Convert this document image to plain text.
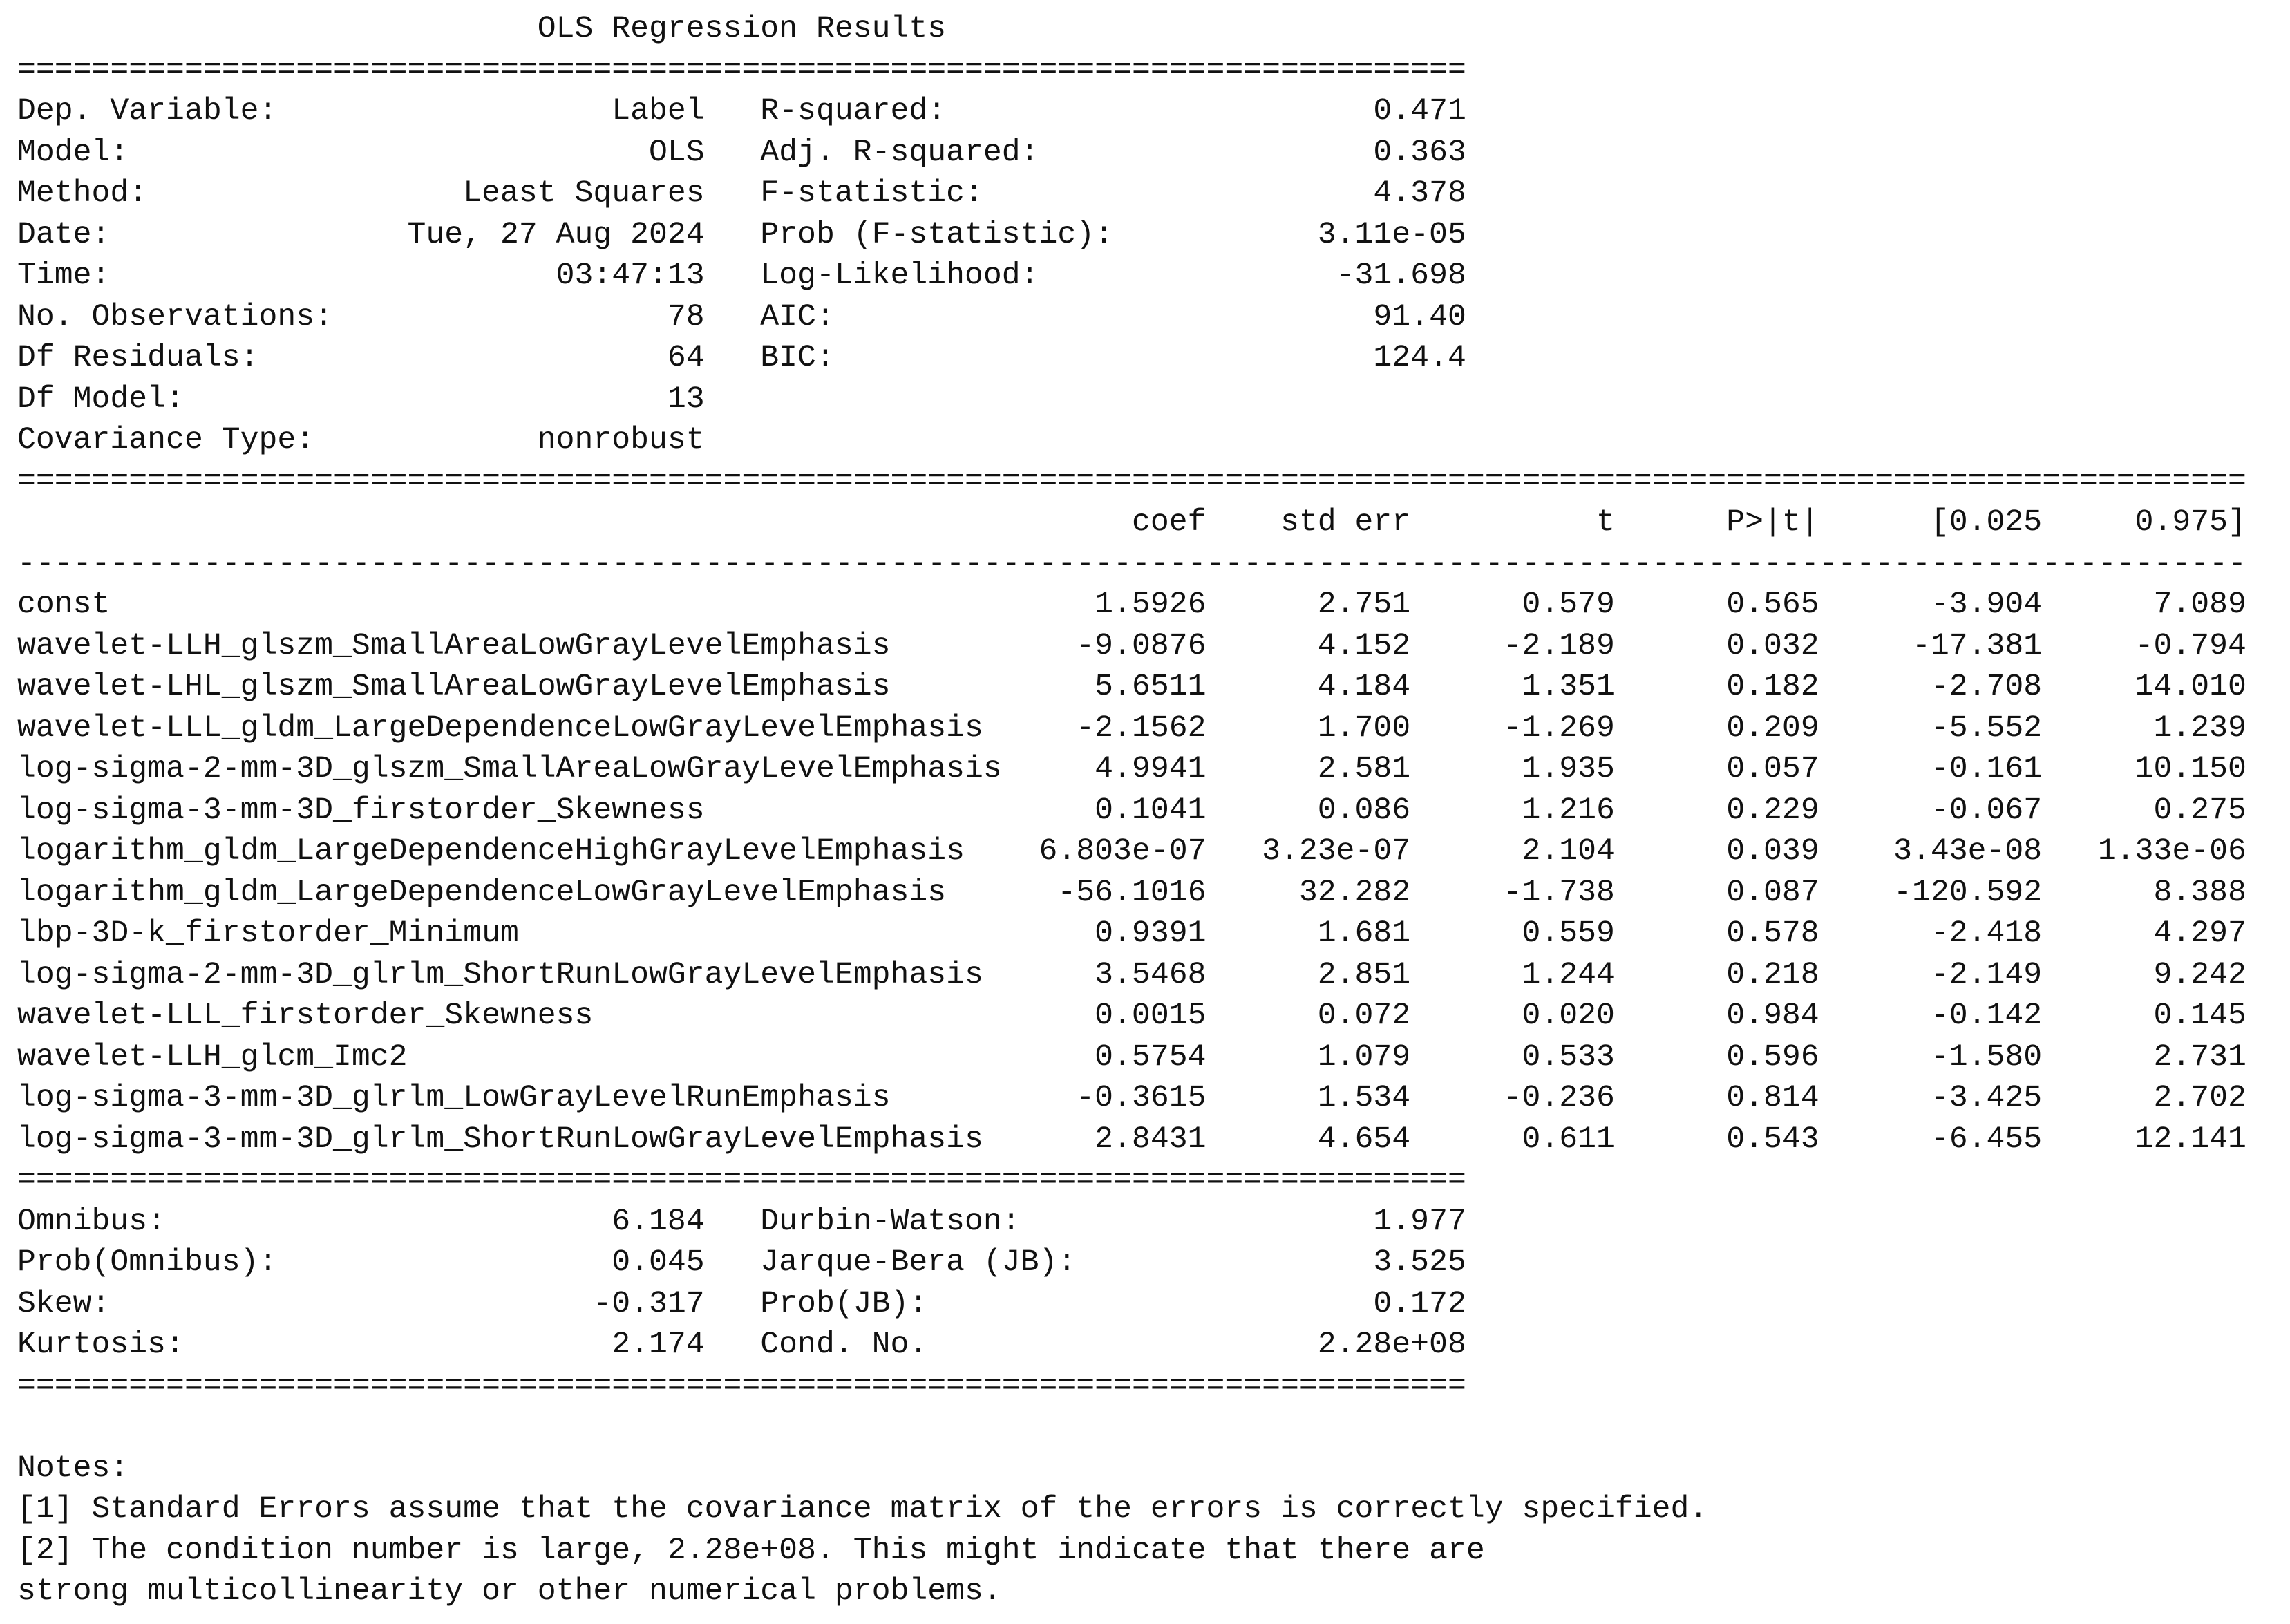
OLS Regression Results
==============================================================================
Dep. Variable:	Label R-squared:	0.471
Model:	OLS Adj. R-squared:	0.363
Method:	Least Squares F-statistic:	4.378
Date:	Tue, 27 Aug 2024 Prob (F-statistic):	3.11e-05
Time:	03:47:13 Log-Likelihood:	-31.698
No. Observations:	78 AIC:	91.40
Df Residuals:	64 BIC:	124.4
Df Model:	13
Covariance Type:	nonrobust
========================================================================================================================
coef std err	t	P>|t|	[0.025	0.975]
------------------------------------------------------------------------------------------------------------------------
const	1.5926	2.751	0.579	0.565	-3.904	7.089
wavelet-LLH_glszm_SmallAreaLowGrayLevelEmphasis	-9.0876	4.152	-2.189	0.032	-17.381	-0.794
wavelet-LHL_glszm_SmallAreaLowGrayLevelEmphasis	5.6511	4.184	1.351	0.182	-2.708	14.010
wavelet-LLL_gldm_LargeDependenceLowGrayLevelEmphasis	-2.1562	1.700	-1.269	0.209	-5.552	1.239
log-sigma-2-mm-3D_glszm_SmallAreaLowGrayLevelEmphasis	4.9941	2.581	1.935	0.057	-0.161	10.150
log-sigma-3-mm-3D_firstorder_Skewness	0.1041	0.086	1.216	0.229	-0.067	0.275
logarithm_gldm_LargeDependenceHighGrayLevelEmphasis 6.803e-07 3.23e-07	2.104	0.039 3.43e-08 1.33e-06
logarithm_gldm_LargeDependenceLowGrayLevelEmphasis	-56.1016	32.282	-1.738	0.087 -120.592	8.388
lbp-3D-k_firstorder_Minimum	0.9391	1.681	0.559	0.578	-2.418	4.297
log-sigma-2-mm-3D_glrlm_ShortRunLowGrayLevelEmphasis	3.5468	2.851	1.244	0.218	-2.149	9.242
wavelet-LLL_firstorder_Skewness	0.0015	0.072	0.020	0.984	-0.142	0.145
wavelet-LLH_glcm_Imc2	0.5754	1.079	0.533	0.596	-1.580	2.731
log-sigma-3-mm-3D_glrlm_LowGrayLevelRunEmphasis	-0.3615	1.534	-0.236	0.814	-3.425	2.702
log-sigma-3-mm-3D_glrlm_ShortRunLowGrayLevelEmphasis	2.8431	4.654	0.611	0.543	-6.455	12.141
==============================================================================
Omnibus:	6.184 Durbin-Watson:	1.977
Prob(Omnibus):	0.045 Jarque-Bera (JB):	3.525
Skew:	-0.317 Prob(JB):	0.172
Kurtosis:	2.174 Cond. No.	2.28e+08
==============================================================================
Notes:
[1] Standard Errors assume that the covariance matrix of the errors is correctly specified.
[2] The condition number is large, 2.28e+08. This might indicate that there are
strong multicollinearity or other numerical problems.
